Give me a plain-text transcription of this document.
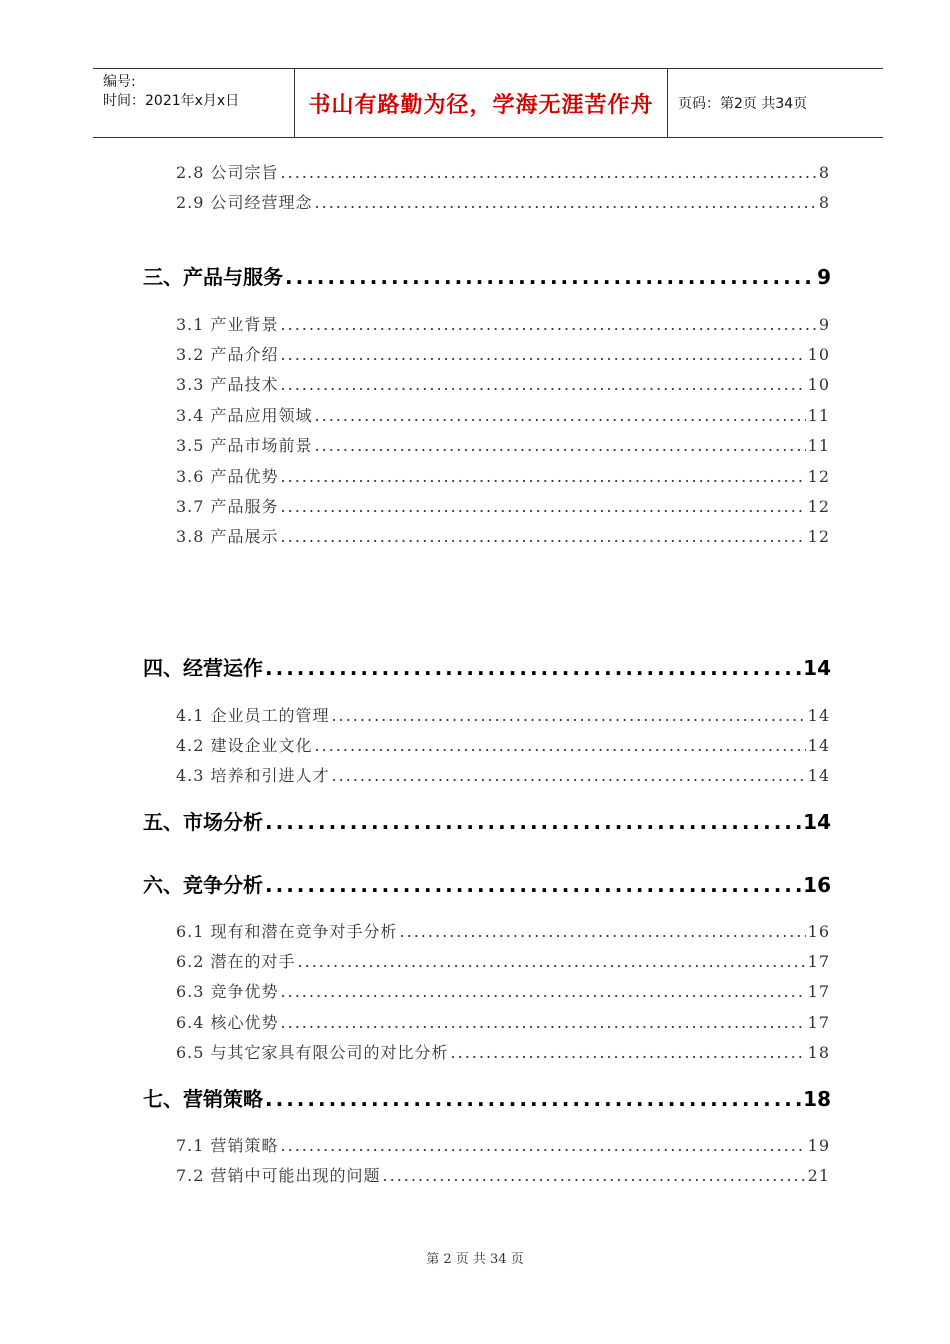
编号:
时间：2021年x月x日	书山有路勤为径，学海无涯苦作舟	页码：第2页 共34页
2.8 公司宗旨 .....	8
2.9 公司经营理念 .....	8
三、产品与服务 .....	9
3.1 产业背景 .....	9
3.2 产品介绍 .....	10
3.3 产品技术 .....	10
3.4 产品应用领域 .....	11
3.5 产品市场前景 .....	11
3.6 产品优势 .....	12
3.7 产品服务 .....	12
3.8 产品展示 .....	12
四、经营运作 .....	14
4.1 企业员工的管理 .....	14
4.2 建设企业文化 .....	14
4.3 培养和引进人才 .....	14
五、市场分析 .....	14
六、竞争分析 .....	16
6.1 现有和潜在竞争对手分析 .....	16
6.2 潜在的对手 .....	17
6.3 竞争优势 .....	17
6.4 核心优势 .....	17
6.5 与其它家具有限公司的对比分析 .....	18
七、营销策略 .....	18
7.1 营销策略 .....	19
7.2 营销中可能出现的问题 .....	21
第 2 页 共 34 页
